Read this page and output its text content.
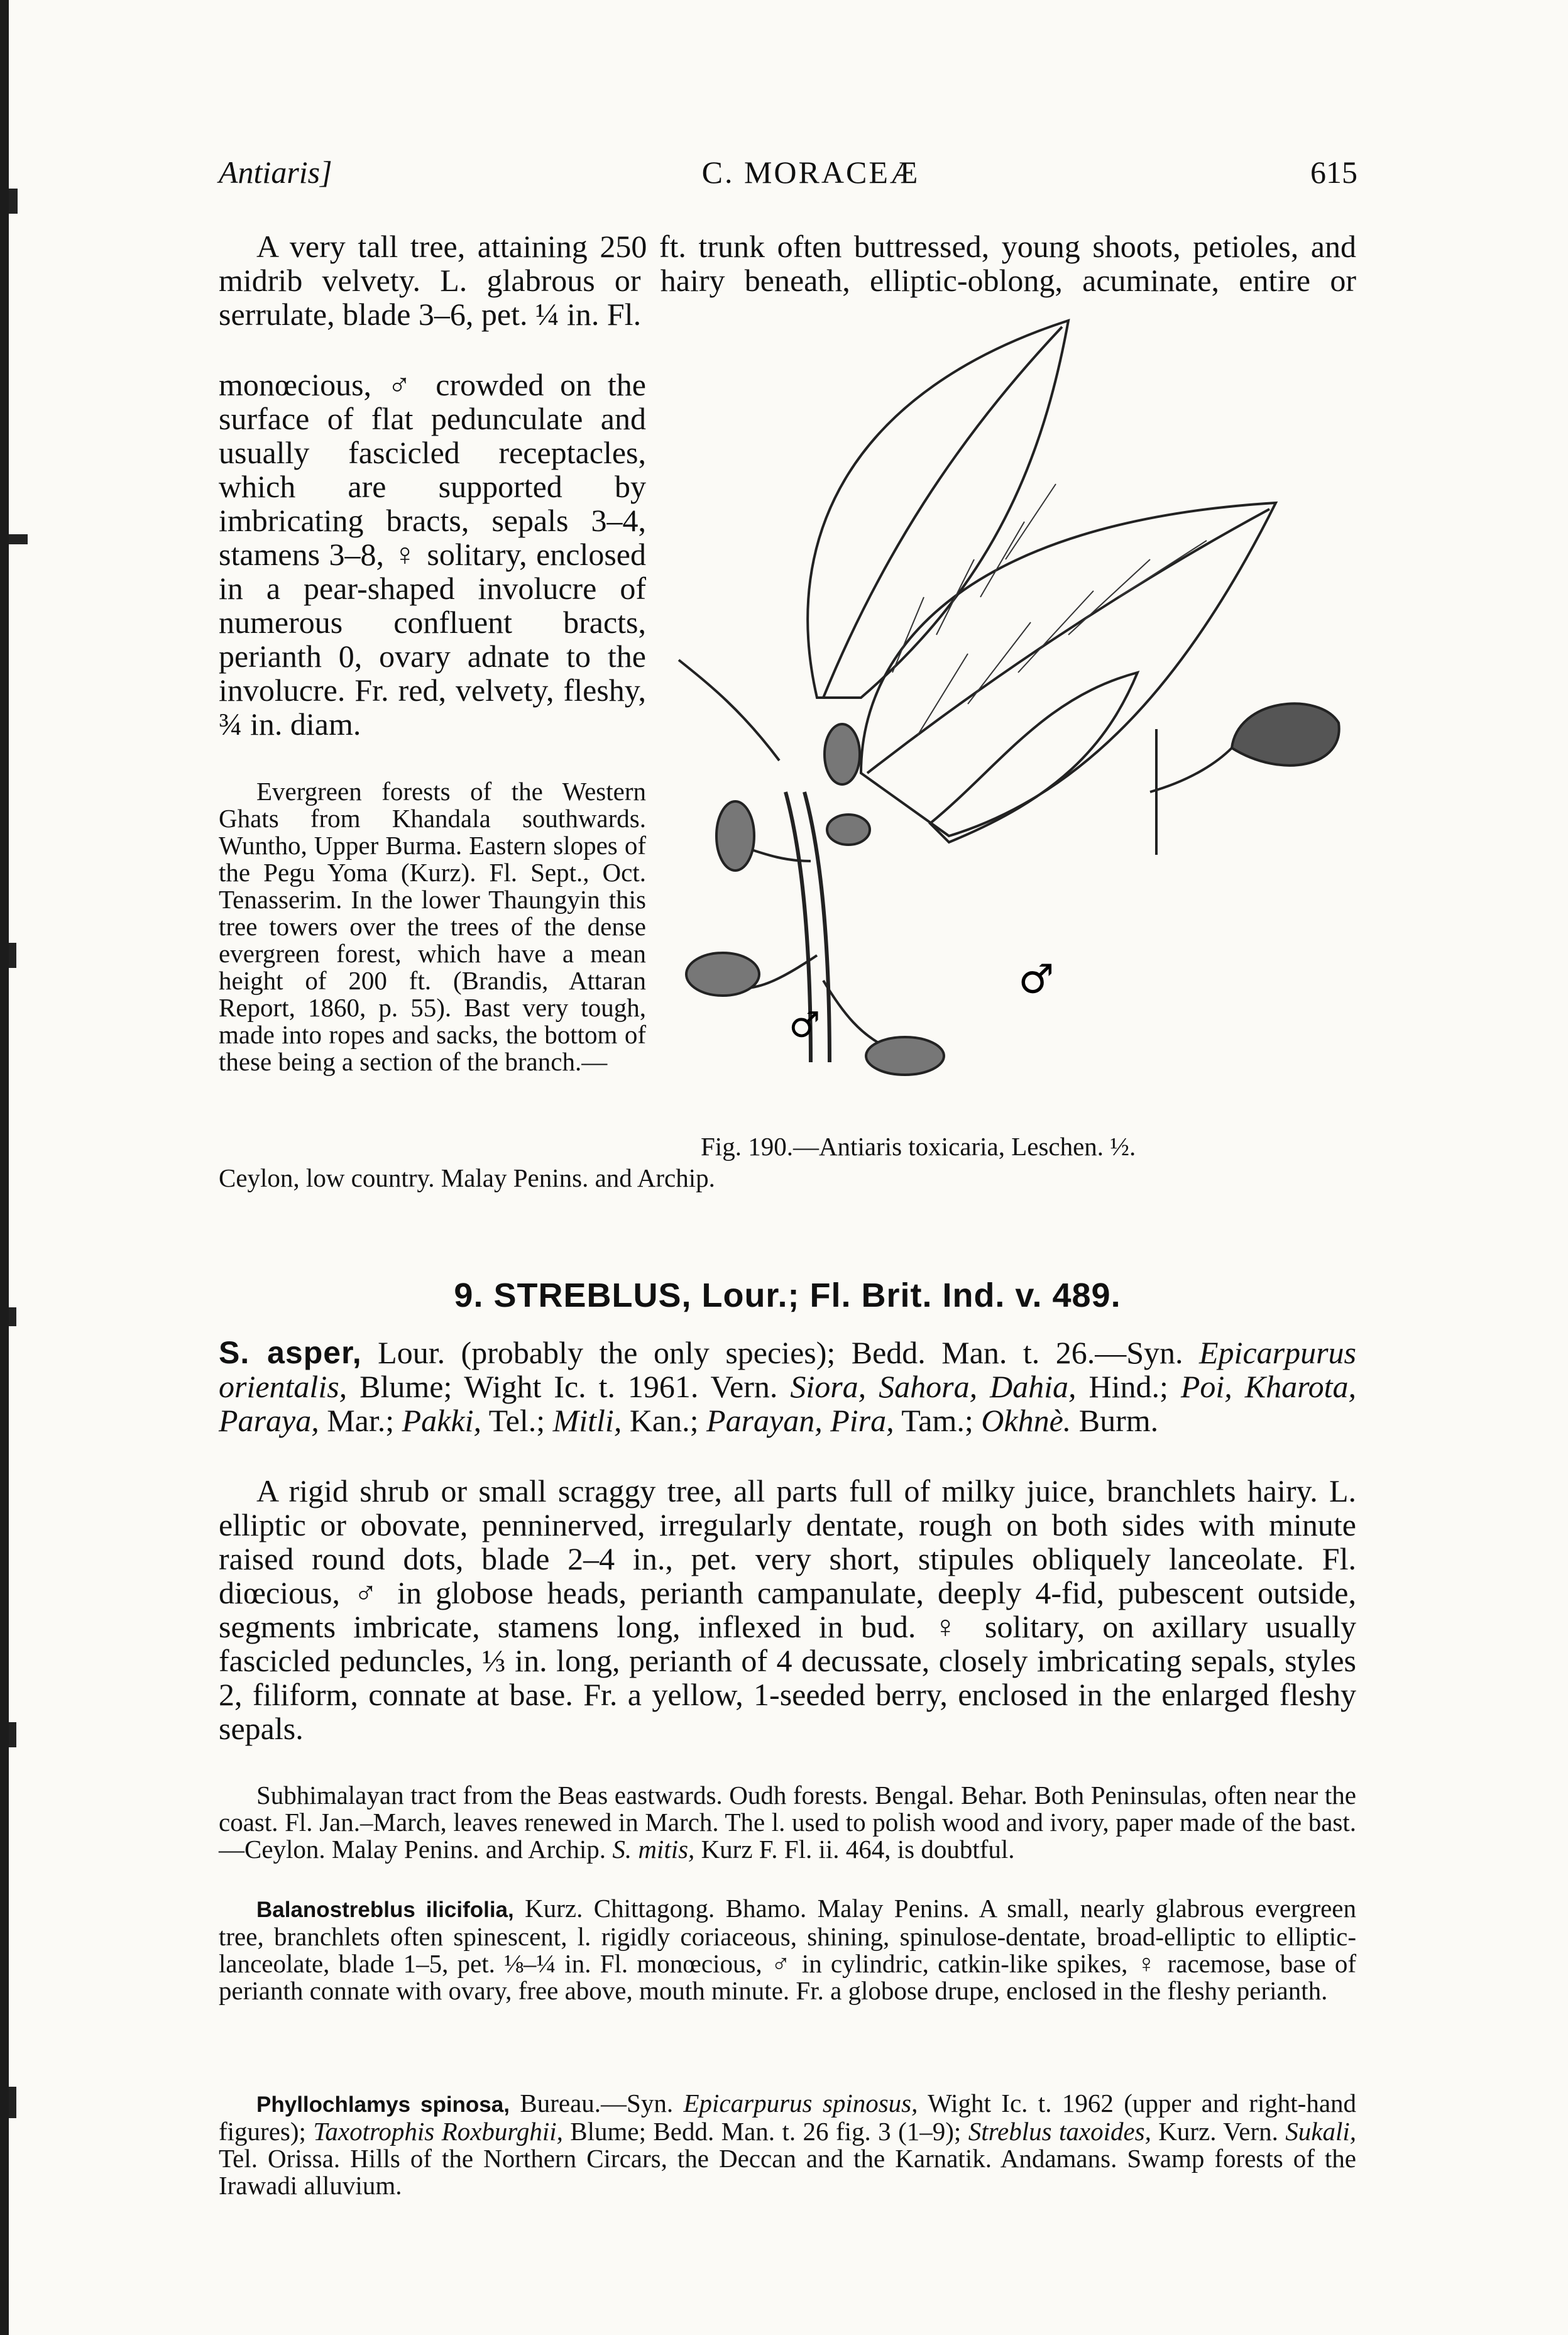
Antiaris]	C. MORACEÆ	615

A very tall tree, attaining 250 ft. trunk often buttressed, young shoots, petioles, and midrib velvety. L. glabrous or hairy beneath, elliptic-oblong, acuminate, entire or serrulate, blade 3–6, pet. ¼ in. Fl.

monœcious, ♂ crowded on the surface of flat pedunculate and usually fascicled receptacles, which are supported by imbricating bracts, sepals 3–4, stamens 3–8, ♀ solitary, enclosed in a pear-shaped involucre of numerous confluent bracts, perianth 0, ovary adnate to the involucre. Fr. red, velvety, fleshy, ¾ in. diam.

Evergreen forests of the Western Ghats from Khandala southwards. Wuntho, Upper Burma. Eastern slopes of the Pegu Yoma (Kurz). Fl. Sept., Oct. Tenasserim. In the lower Thaungyin this tree towers over the trees of the dense evergreen forest, which have a mean height of 200 ft. (Brandis, Attaran Report, 1860, p. 55). Bast very tough, made into ropes and sacks, the bottom of these being a section of the branch.—

Ceylon, low country. Malay Penins. and Archip.

♂
♂
Fig. 190.—Antiaris toxicaria, Leschen. ½.
9. STREBLUS, Lour.; Fl. Brit. Ind. v. 489.

S. asper, Lour. (probably the only species); Bedd. Man. t. 26.—Syn. Epicarpurus orientalis, Blume; Wight Ic. t. 1961. Vern. Siora, Sahora, Dahia, Hind.; Poi, Kharota, Paraya, Mar.; Pakki, Tel.; Mitli, Kan.; Parayan, Pira, Tam.; Okhnè. Burm.

A rigid shrub or small scraggy tree, all parts full of milky juice, branchlets hairy. L. elliptic or obovate, penninerved, irregularly dentate, rough on both sides with minute raised round dots, blade 2–4 in., pet. very short, stipules obliquely lanceolate. Fl. diœcious, ♂ in globose heads, perianth campanulate, deeply 4-fid, pubescent outside, segments imbricate, stamens long, inflexed in bud. ♀ solitary, on axillary usually fascicled peduncles, ⅓ in. long, perianth of 4 decussate, closely imbricating sepals, styles 2, filiform, connate at base. Fr. a yellow, 1-seeded berry, enclosed in the enlarged fleshy sepals.

Subhimalayan tract from the Beas eastwards. Oudh forests. Bengal. Behar. Both Peninsulas, often near the coast. Fl. Jan.–March, leaves renewed in March. The l. used to polish wood and ivory, paper made of the bast.—Ceylon. Malay Penins. and Archip. S. mitis, Kurz F. Fl. ii. 464, is doubtful.

Balanostreblus ilicifolia, Kurz. Chittagong. Bhamo. Malay Penins. A small, nearly glabrous evergreen tree, branchlets often spinescent, l. rigidly coriaceous, shining, spinulose-dentate, broad-elliptic to elliptic-lanceolate, blade 1–5, pet. ⅛–¼ in. Fl. monœcious, ♂ in cylindric, catkin-like spikes, ♀ racemose, base of perianth connate with ovary, free above, mouth minute. Fr. a globose drupe, enclosed in the fleshy perianth.

Phyllochlamys spinosa, Bureau.—Syn. Epicarpurus spinosus, Wight Ic. t. 1962 (upper and right-hand figures); Taxotrophis Roxburghii, Blume; Bedd. Man. t. 26 fig. 3 (1–9); Streblus taxoides, Kurz. Vern. Sukali, Tel. Orissa. Hills of the Northern Circars, the Deccan and the Karnatik. Andamans. Swamp forests of the Irawadi alluvium.
